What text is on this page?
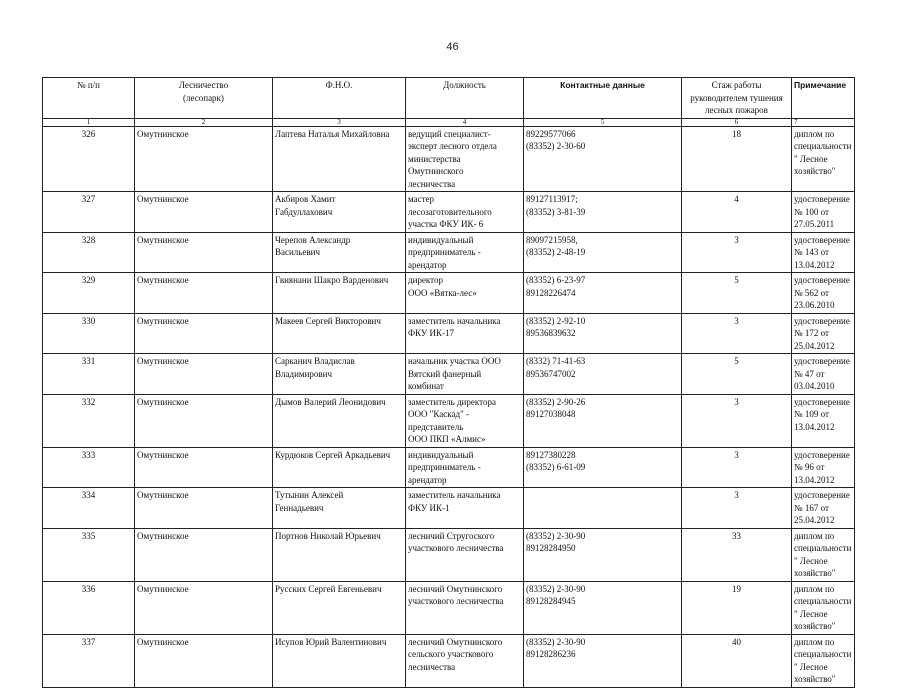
46
№ п/п	Лесничество
(лесопарк)	Ф.Н.О.	Должность	Контактные данные	Стаж работы
руководителем тушения
лесных пожаров	Примечание
1	2	3	4	5	6	7
326	Омутнинское	Лаптева Наталья Михайловна	ведущий специалист-
эксперт лесного отдела
министерства
Омутнинского
лесничества	89229577066
(83352) 2-30-60	18	диплом по
специальности " Лесное
хозяйство"

327	Омутнинское	Акбиров Хамит
Габдуллахович	мастер
лесозаготовительного
участка ФКУ ИК- 6	89127113917;
(83352) 3-81-39	4	удостоверение
№ 100 от 27.05.2011

328	Омутнинское	Черепов Александр
Васильевич	индивидуальный
предприниматель -
арендатор	89097215958,
(83352) 2-48-19	3	удостоверение
№ 143 от 13.04.2012

329	Омутнинское	Гвиянани Шакро Варденович	директор
ООО «Вятка-лес»	(83352) 6-23-97
89128226474	5	удостоверение
№ 562 от 23.06.2010

330	Омутнинское	Макеев Сергей Викторович	заместитель начальника
ФКУ ИК-17	(83352) 2-92-10
89536839632	3	удостоверение
№ 172 от 25.04.2012

331	Омутнинское	Сарканич Владислав
Владимирович	начальник участка ООО
Вятский фанерный
комбинат	(8332) 71-41-63
89536747002	5	удостоверение
№ 47 от 03.04.2010

332	Омутнинское	Дымов Валерий Леонидович	заместитель директора
ООО "Каскад" -
представитель
ООО ПКП «Алмис»	(83352) 2-90-26
89127038048	3	удостоверение
№ 109 от 13.04.2012

333	Омутнинское	Курдюков Сергей Аркадьевич	индивидуальный
предприниматель -
арендатор	89127380228
(83352) 6-61-09	3	удостоверение
№ 96 от 13.04.2012

334	Омутнинское	Тутынин Алексей
Геннадьевич	заместитель начальника
ФКУ ИК-1		3	удостоверение
№ 167 от 25.04.2012

335	Омутнинское	Портнов Николай Юрьевич	лесничий Стругоского
участкового лесничества	(83352) 2-30-90
89128284950	33	диплом по
специальности " Лесное
хозяйство"

336	Омутнинское	Русских Сергей Евгеньевич	лесничий Омутнинского
участкового лесничества	(83352) 2-30-90
89128284945	19	диплом по
специальности " Лесное
хозяйство"

337	Омутнинское	Исупов Юрий Валентинович	лесничий Омутнинского
сельского участкового
лесничества	(83352) 2-30-90
89128286236	40	диплом по
специальности " Лесное
хозяйство"
